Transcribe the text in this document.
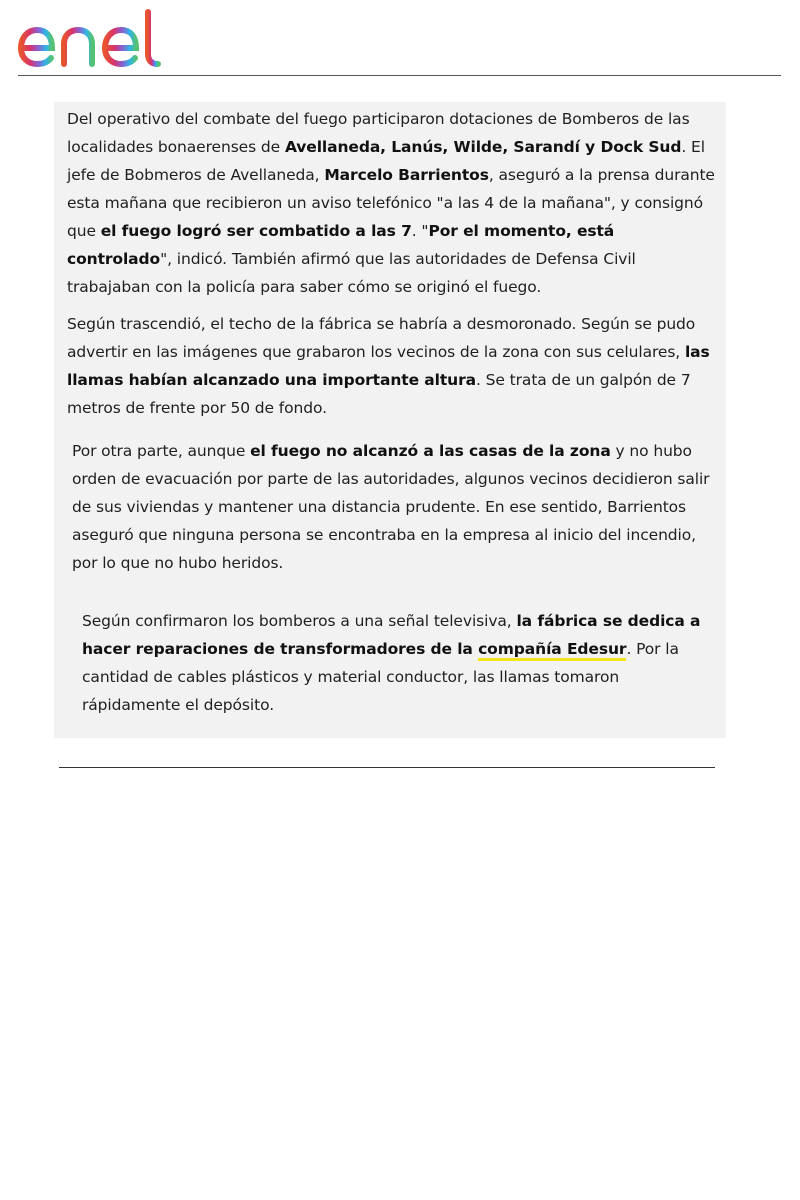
Del operativo del combate del fuego participaron dotaciones de Bomberos de las localidades bonaerenses de Avellaneda, Lanús, Wilde, Sarandí y Dock Sud. El jefe de Bobmeros de Avellaneda, Marcelo Barrientos, aseguró a la prensa durante esta mañana que recibieron un aviso telefónico "a las 4 de la mañana", y consignó que el fuego logró ser combatido a las 7. "Por el momento, está controlado", indicó. También afirmó que las autoridades de Defensa Civil trabajaban con la policía para saber cómo se originó el fuego.

Según trascendió, el techo de la fábrica se habría a desmoronado. Según se pudo advertir en las imágenes que grabaron los vecinos de la zona con sus celulares, las llamas habían alcanzado una importante altura. Se trata de un galpón de 7 metros de frente por 50 de fondo.

Por otra parte, aunque el fuego no alcanzó a las casas de la zona y no hubo orden de evacuación por parte de las autoridades, algunos vecinos decidieron salir de sus viviendas y mantener una distancia prudente. En ese sentido, Barrientos aseguró que ninguna persona se encontraba en la empresa al inicio del incendio, por lo que no hubo heridos.

Según confirmaron los bomberos a una señal televisiva, la fábrica se dedica a hacer reparaciones de transformadores de la compañía Edesur. Por la cantidad de cables plásticos y material conductor, las llamas tomaron rápidamente el depósito.
